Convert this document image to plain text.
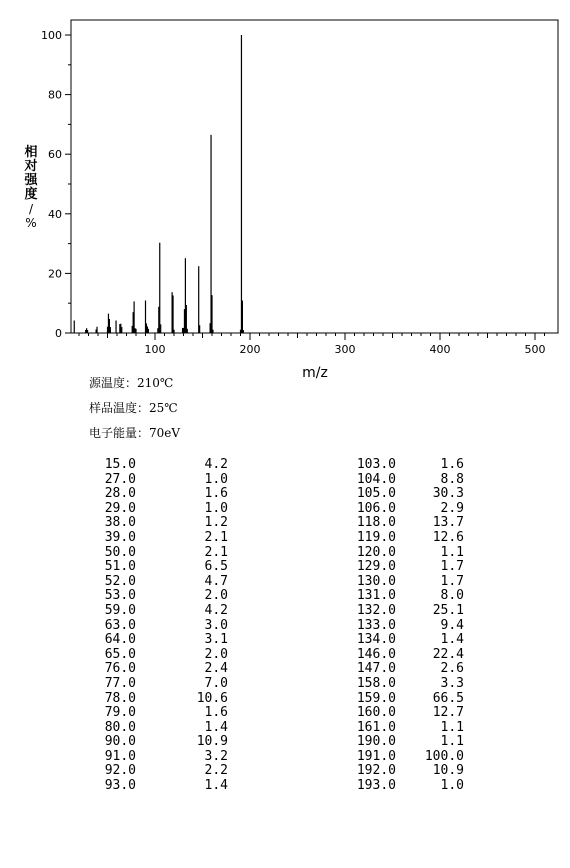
0
20
40
60
80
100
100	200	300	400	500
m/z
相
对
强
度
/
%
源温度：210℃
样品温度：25℃
电子能量：70eV
15.0	4.2
27.0	1.0
28.0	1.6
29.0	1.0
38.0	1.2
39.0	2.1
50.0	2.1
51.0	6.5
52.0	4.7
53.0	2.0
59.0	4.2
63.0	3.0
64.0	3.1
65.0	2.0
76.0	2.4
77.0	7.0
78.0	10.6
79.0	1.6
80.0	1.4
90.0	10.9
91.0	3.2
92.0	2.2
93.0	1.4
103.0	1.6
104.0	8.8
105.0	30.3
106.0	2.9
118.0	13.7
119.0	12.6
120.0	1.1
129.0	1.7
130.0	1.7
131.0	8.0
132.0	25.1
133.0	9.4
134.0	1.4
146.0	22.4
147.0	2.6
158.0	3.3
159.0	66.5
160.0	12.7
161.0	1.1
190.0	1.1
191.0 100.0
192.0	10.9
193.0	1.0
